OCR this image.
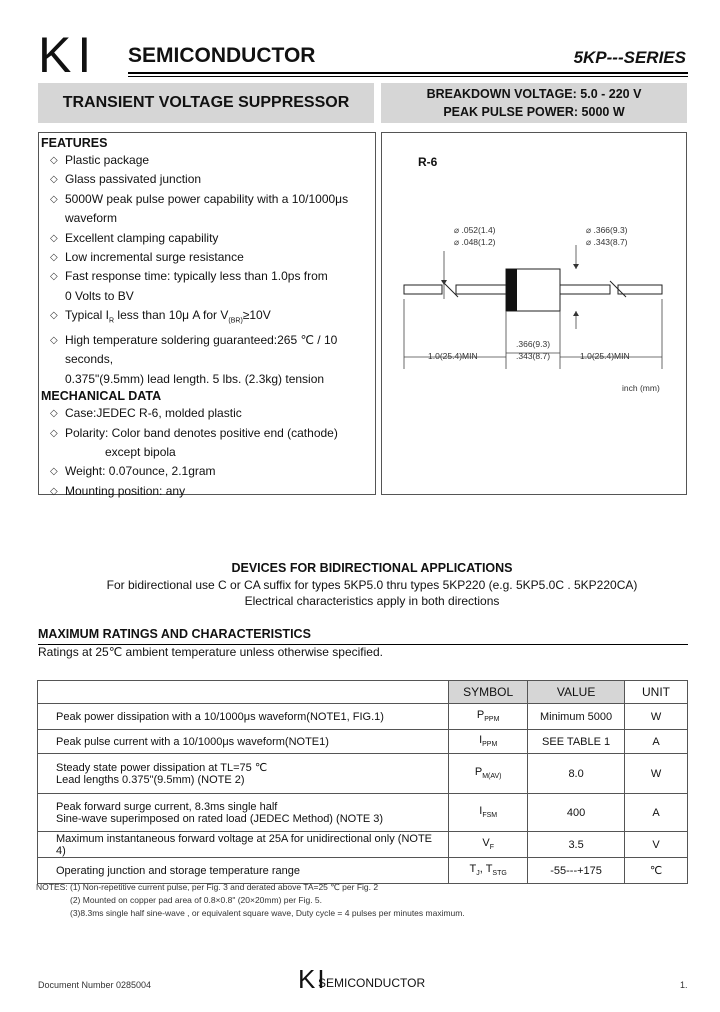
KI SEMICONDUCTOR	5KP---SERIES
TRANSIENT VOLTAGE SUPPRESSOR	BREAKDOWN VOLTAGE: 5.0 - 220 V
PEAK PULSE POWER: 5000 W
FEATURES
◇ Plastic package
◇ Glass passivated junction
◇ 5000W peak pulse power capability with a 10/1000μs
waveform
◇ Excellent clamping capability
◇ Low incremental surge resistance
◇ Fast response time: typically less than 1.0ps from
0 Volts to BV
◇ Typical $I_R$ less than 10μ A for $V_{(BR)}\ge 10V$
◇ High temperature soldering guaranteed:265 ℃ / 10 seconds,
0.375"(9.5mm) lead length. 5 lbs. (2.3kg) tension
MECHANICAL DATA
◇ Case:JEDEC R-6, molded plastic
◇ Polarity: Color band denotes positive end (cathode)
except bipola
◇ Weight: 0.07ounce, 2.1gram
◇ Mounting position: any
R-6
⌀ .052(1.4)
⌀ .048(1.2)
⌀ .366(9.3)
⌀ .343(8.7)
.366(9.3)
.343(8.7)
1.0(25.4)MIN	1.0(25.4)MIN
inch (mm)
DEVICES FOR BIDIRECTIONAL APPLICATIONS
For bidirectional use C or CA suffix for types 5KP5.0 thru types 5KP220 (e.g. 5KP5.0C . 5KP220CA)
Electrical characteristics apply in both directions
MAXIMUM RATINGS AND CHARACTERISTICS
Ratings at 25℃ ambient temperature unless otherwise specified.
	SYMBOL	VALUE	UNIT
Peak power dissipation with a 10/1000μs waveform(NOTE1, FIG.1)	$P_{PPM}$	Minimum 5000	W
Peak pulse current with a 10/1000μs waveform(NOTE1)	$I_{PPM}$	SEE TABLE 1	A

Steady state power dissipation at TL=75 ℃
Lead lengths 0.375"(9.5mm) (NOTE 2)	$P_{M(AV)}$	8.0	W

Peak forward surge current, 8.3ms single half
Sine-wave superimposed on rated load (JEDEC Method) (NOTE 3)	$I_{FSM}$	400	A
Maximum instantaneous forward voltage at 25A for unidirectional only (NOTE 4)	$V_F$	3.5	V
Operating junction and storage temperature range	$T_J$, $T_{STG}$	-55---+175	℃
NOTES: (1) Non-repetitive current pulse, per Fig. 3 and derated above TA=25 ℃ per Fig. 2
(2) Mounted on copper pad area of 0.8×0.8" (20×20mm) per Fig. 5.
(3)8.3ms single half sine-wave , or equivalent square wave, Duty cycle = 4 pulses per minutes maximum.
Document Number 0285004	KI
SEMICONDUCTOR	1.
